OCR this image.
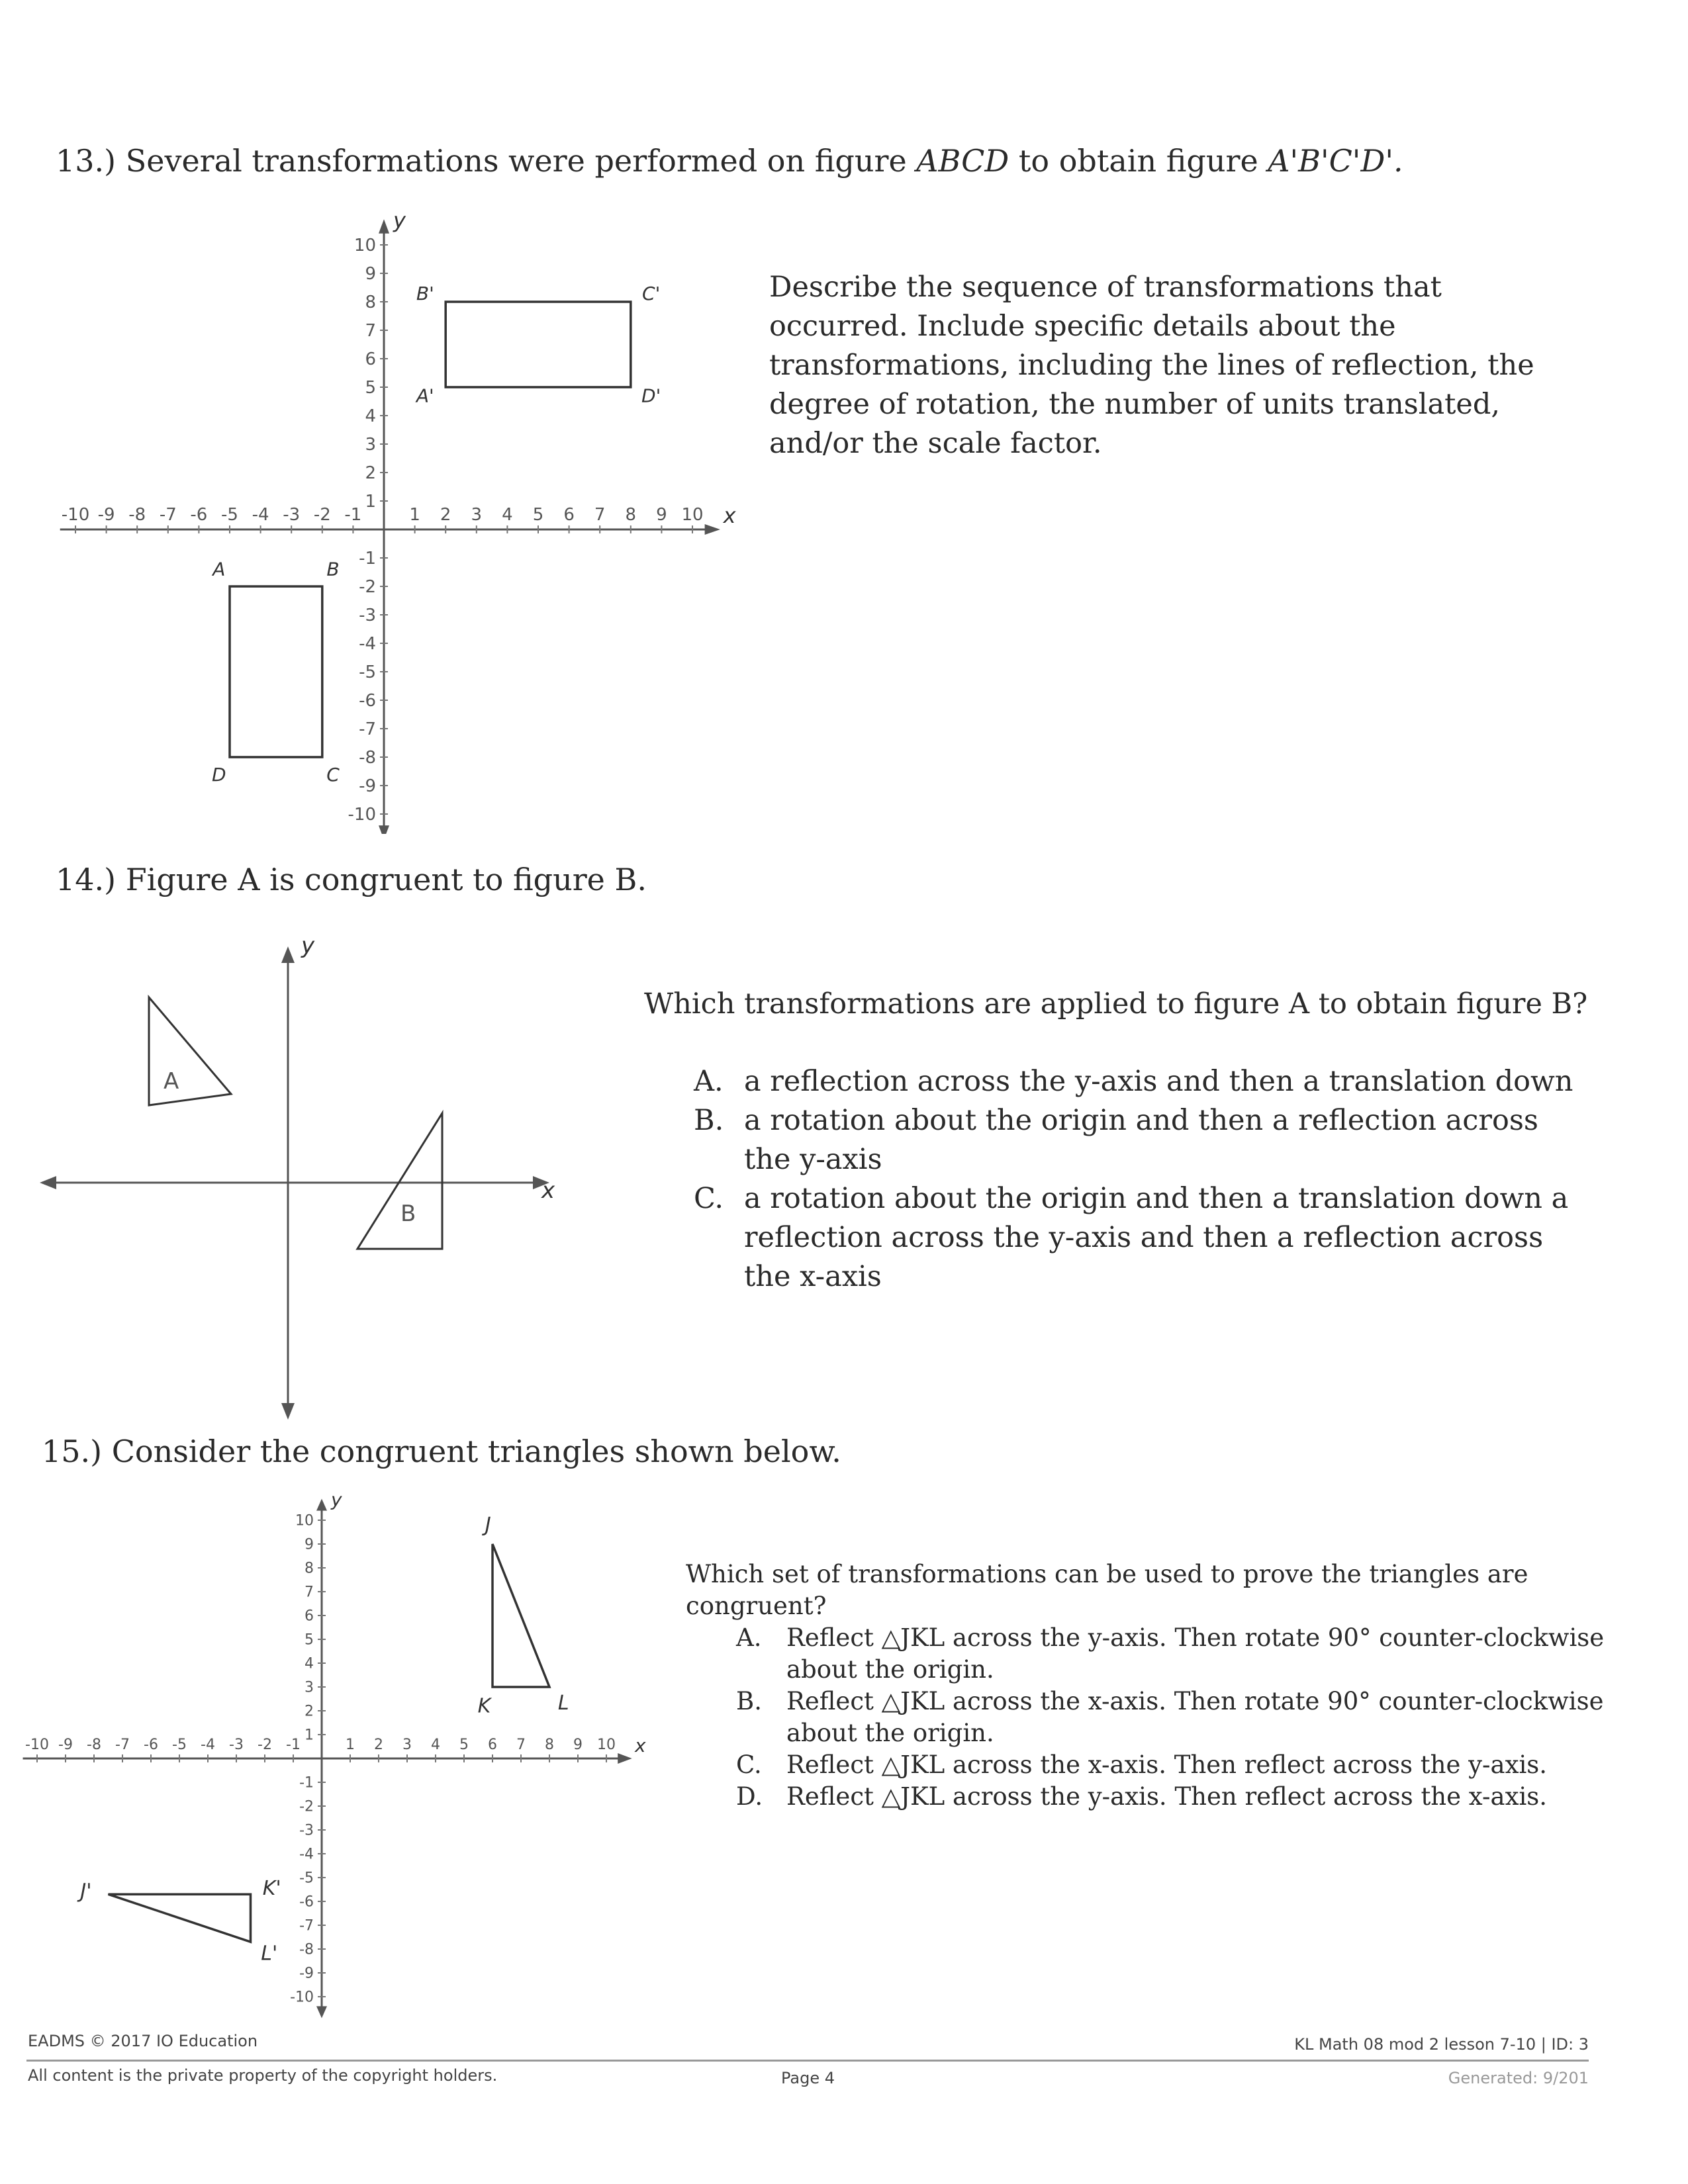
13.) Several transformations were performed on figure ABCD to obtain figure A'B'C'D'.
-10
-10
-9
-9
-8
-8
-7
-7
-6
-6
-5
-5
-4
-4
-3
-3
-2
-2
-1
-1
1
1
2
2
3
3
4
4
5
5
6
6
7
7
8
8
9
9
10
10
x
y
A	B
C
D
B'	C'
D'
A'
Describe the sequence of transformations that
occurred. Include specific details about the
transformations, including the lines of reflection, the
degree of rotation, the number of units translated,
and/or the scale factor.
14.) Figure A is congruent to figure B.
y
x
A
B
Which transformations are applied to figure A to obtain figure B?
A. a reflection across the y-axis and then a translation down
B. a rotation about the origin and then a reflection across
the y-axis
C. a rotation about the origin and then a translation down a
reflection across the y-axis and then a reflection across
the x-axis
15.) Consider the congruent triangles shown below.
-10
-10
-9
-9
-8
-8
-7
-7
-6
-6
-5
-5
-4
-4
-3
-3
-2
-2
-1
-1
1
1
2
2
3
3
4
4
5
5
6
6
7
7
8
8
9
9
10
10
x
y
J
K	L
J'	K'
L'
Which set of transformations can be used to prove the triangles are
congruent?
A.	Reflect △JKL across the y-axis. Then rotate 90° counter-clockwise
about the origin.
B.	Reflect △JKL across the x-axis. Then rotate 90° counter-clockwise
about the origin.
C.	Reflect △JKL across the x-axis. Then reflect across the y-axis.
D. Reflect △JKL across the y-axis. Then reflect across the x-axis.
EADMS © 2017 IO Education
All content is the private property of the copyright holders.	Page 4
KL Math 08 mod 2 lesson 7-10 | ID: 3
Generated: 9/201
